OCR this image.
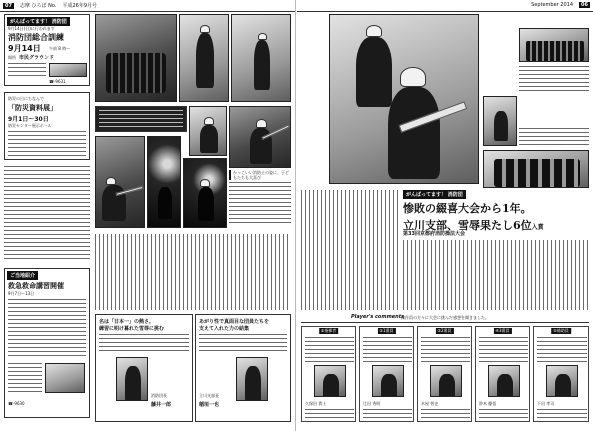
07	志摩 ひろば No. 平成26年9月号
がんばってます！ 消防団
9月14日(日)に行われます
消防団総合訓練
9月14日 午前 8 時～
場所 市民グラウンド
☎-9631
防災の日にちなんで
「防災資料展」
9月1日～30日
防災センター展示ホール
ご当地紹介
救急救命講習開催
9月7日～13日
☎-9630
かっこいい消防士の姿に、子どもたちも大喜び
名は「日本一」の熱さ。
練習に明け暮れた雪辱に挑む
消防団長
藤井一郎
あがり性で真面目な団員たちを
支えて入れた力の結集
立川支部長
稲垣一也
September 2014	06
がんばってます！ 消防団
惨敗の綴喜大会から1年。
立川支部、雪辱果たし6位入賞
第33回京都府消防操法大会
Player's comments
操作員の方々に大会に挑んだ感想を聞きました。
①指揮者
久保田 貴士
②1番員
辻田 秀明
③2番員
木屋 智史
④3番員
鈴木 慶悟
⑤補助員
下田 孝司
